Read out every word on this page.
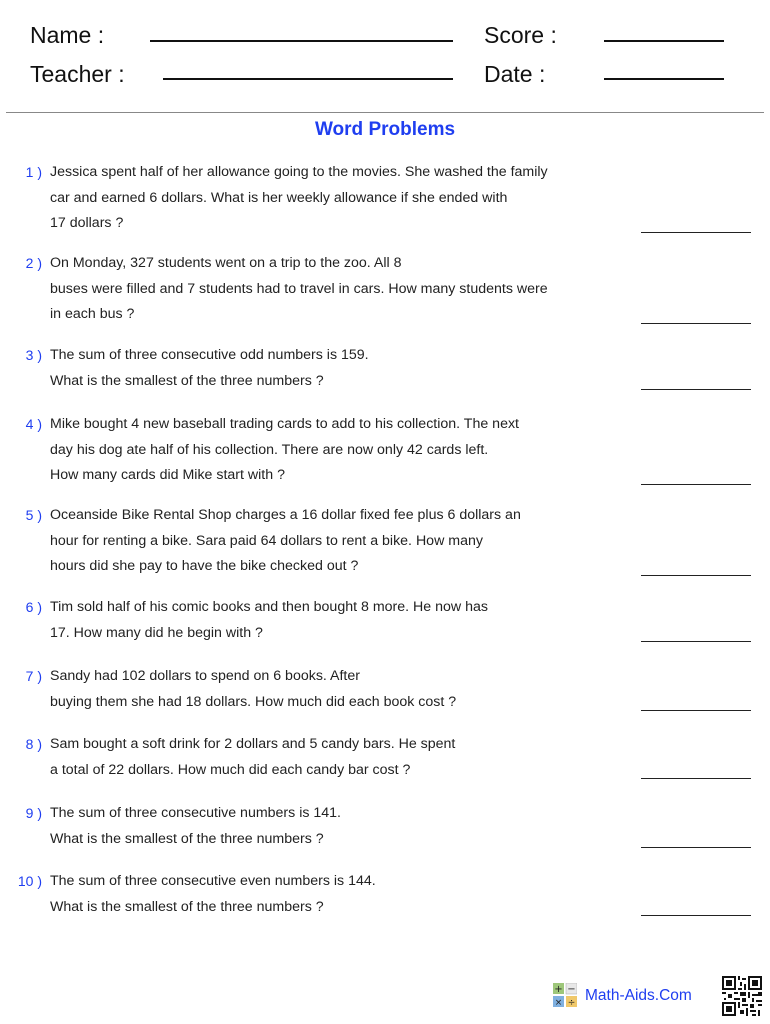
Name :	Score :
Teacher :	Date :
Word Problems
1 ) Jessica spent half of her allowance going to the movies. She washed the family
car and earned 6 dollars. What is her weekly allowance if she ended with
17 dollars ?
2 ) On Monday, 327 students went on a trip to the zoo. All 8
buses were filled and 7 students had to travel in cars. How many students were
in each bus ?
3 ) The sum of three consecutive odd numbers is 159.
What is the smallest of the three numbers ?
4 ) Mike bought 4 new baseball trading cards to add to his collection. The next
day his dog ate half of his collection. There are now only 42 cards left.
How many cards did Mike start with ?
5 ) Oceanside Bike Rental Shop charges a 16 dollar fixed fee plus 6 dollars an
hour for renting a bike. Sara paid 64 dollars to rent a bike. How many
hours did she pay to have the bike checked out ?
6 ) Tim sold half of his comic books and then bought 8 more. He now has
17. How many did he begin with ?
7 ) Sandy had 102 dollars to spend on 6 books. After
buying them she had 18 dollars. How much did each book cost ?
8 ) Sam bought a soft drink for 2 dollars and 5 candy bars. He spent
a total of 22 dollars. How much did each candy bar cost ?
9 ) The sum of three consecutive numbers is 141.
What is the smallest of the three numbers ?
10 ) The sum of three consecutive even numbers is 144.
What is the smallest of the three numbers ?
+ −
× ÷ Math-Aids.Com
